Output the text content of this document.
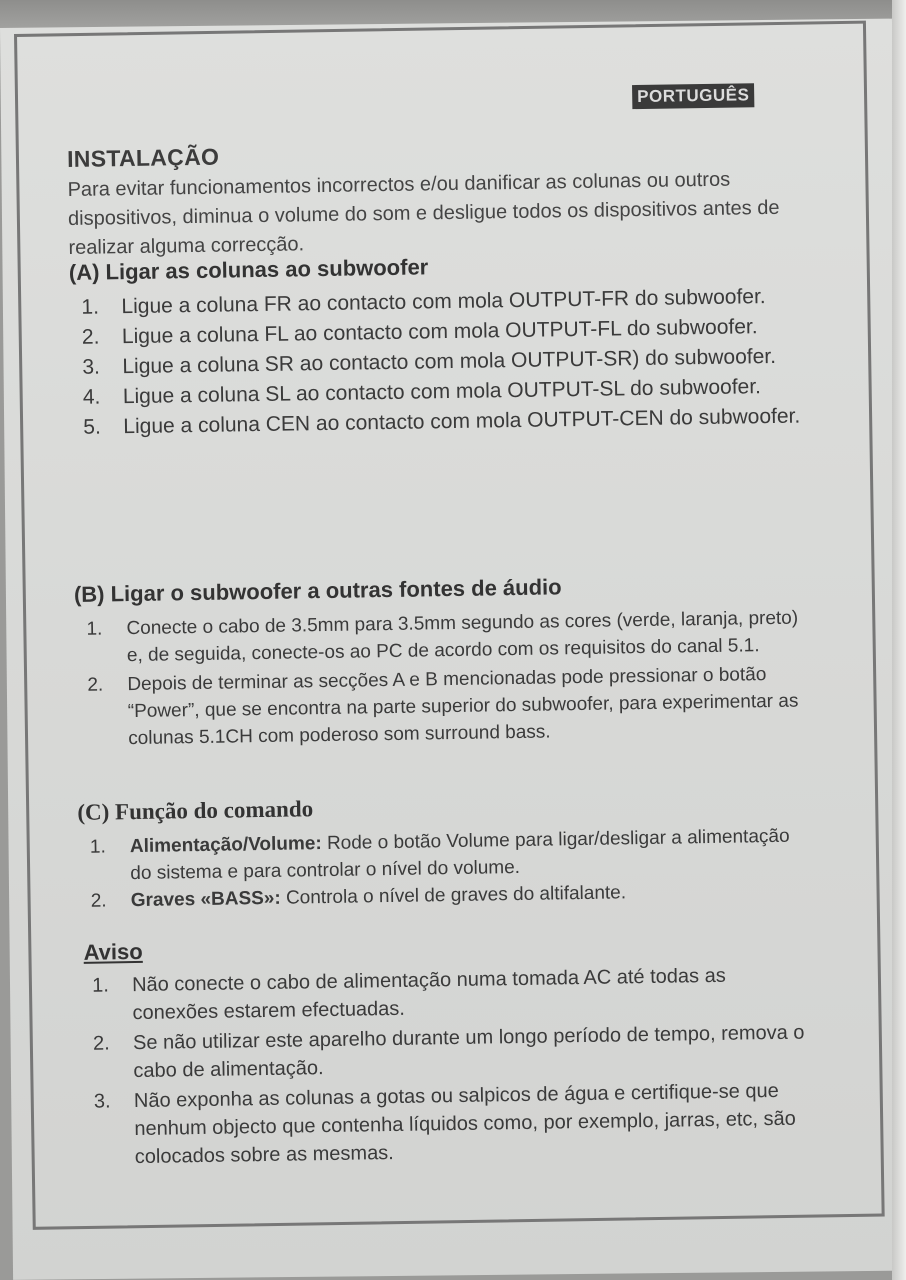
PORTUGUÊS
INSTALAÇÃO
Para evitar funcionamentos incorrectos e/ou danificar as colunas ou outros dispositivos, diminua o volume do som e desligue todos os dispositivos antes de realizar alguma correcção.
(A) Ligar as colunas ao subwoofer
1. Ligue a coluna FR ao contacto com mola OUTPUT-FR do subwoofer.
2. Ligue a coluna FL ao contacto com mola OUTPUT-FL do subwoofer.
3. Ligue a coluna SR ao contacto com mola OUTPUT-SR) do subwoofer.
4. Ligue a coluna SL ao contacto com mola OUTPUT-SL do subwoofer.
5. Ligue a coluna CEN ao contacto com mola OUTPUT-CEN do subwoofer.
(B) Ligar o subwoofer a outras fontes de áudio
1. Conecte o cabo de 3.5mm para 3.5mm segundo as cores (verde, laranja, preto) e, de seguida, conecte-os ao PC de acordo com os requisitos do canal 5.1.
2. Depois de terminar as secções A e B mencionadas pode pressionar o botão “Power”, que se encontra na parte superior do subwoofer, para experimentar as colunas 5.1CH com poderoso som surround bass.
(C) Função do comando
1. Alimentação/Volume: Rode o botão Volume para ligar/desligar a alimentação do sistema e para controlar o nível do volume.
2. Graves «BASS»: Controla o nível de graves do altifalante.
Aviso
1. Não conecte o cabo de alimentação numa tomada AC até todas as conexões estarem efectuadas.
2. Se não utilizar este aparelho durante um longo período de tempo, remova o cabo de alimentação.
3. Não exponha as colunas a gotas ou salpicos de água e certifique-se que nenhum objecto que contenha líquidos como, por exemplo, jarras, etc, são colocados sobre as mesmas.
